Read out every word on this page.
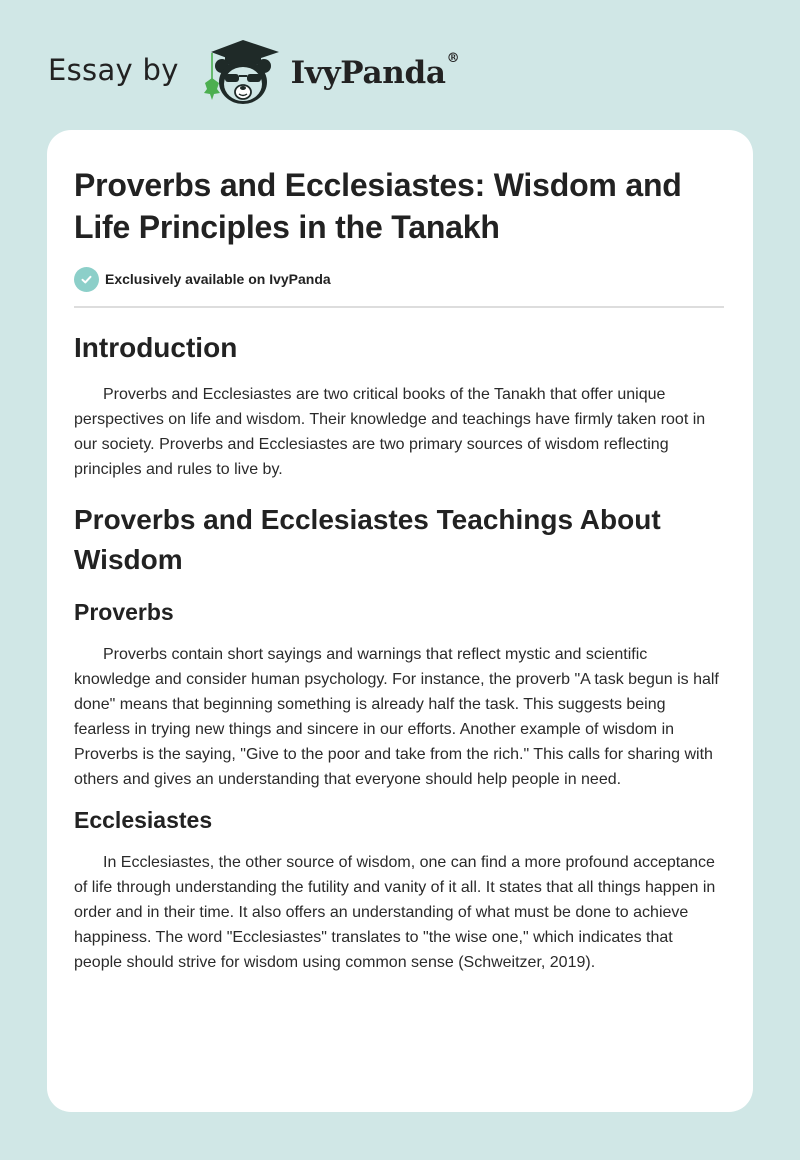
Essay by	IvyPanda®
Proverbs and Ecclesiastes: Wisdom and Life Principles in the Tanakh
Exclusively available on IvyPanda
Introduction

Proverbs and Ecclesiastes are two critical books of the Tanakh that offer unique perspectives on life and wisdom. Their knowledge and teachings have firmly taken root in our society. Proverbs and Ecclesiastes are two primary sources of wisdom reflecting principles and rules to live by.

Proverbs and Ecclesiastes Teachings About Wisdom
Proverbs

Proverbs contain short sayings and warnings that reflect mystic and scientific knowledge and consider human psychology. For instance, the proverb "A task begun is half done" means that beginning something is already half the task. This suggests being fearless in trying new things and sincere in our efforts. Another example of wisdom in Proverbs is the saying, "Give to the poor and take from the rich." This calls for sharing with others and gives an understanding that everyone should help people in need.

Ecclesiastes

In Ecclesiastes, the other source of wisdom, one can find a more profound acceptance of life through understanding the futility and vanity of it all. It states that all things happen in order and in their time. It also offers an understanding of what must be done to achieve happiness. The word "Ecclesiastes" translates to "the wise one," which indicates that people should strive for wisdom using common sense (Schweitzer, 2019).
